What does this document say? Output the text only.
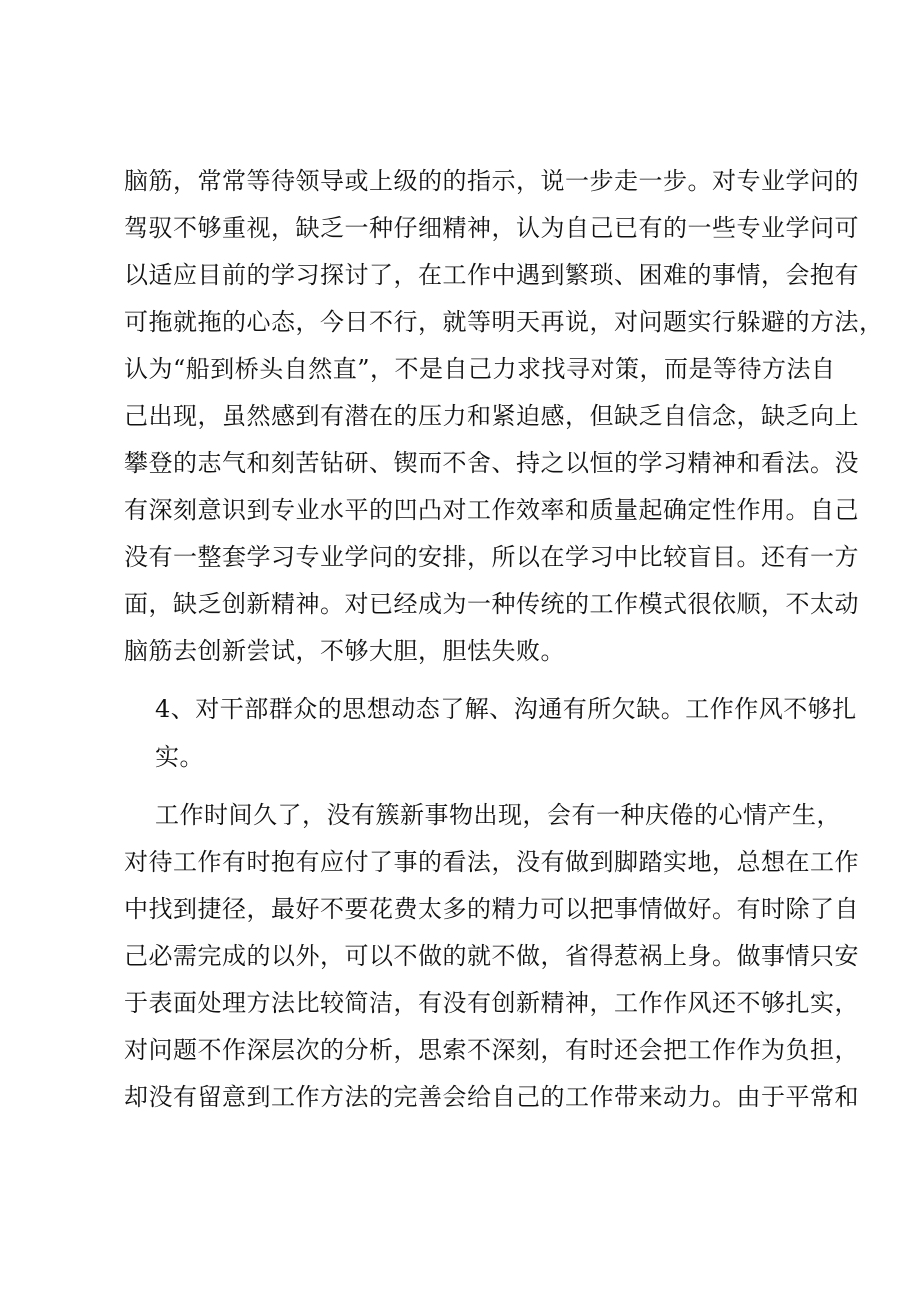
脑筋，常常等待领导或上级的的指示，说一步走一步。对专业学问的
驾驭不够重视，缺乏一种仔细精神，认为自己已有的一些专业学问可
以适应目前的学习探讨了，在工作中遇到繁琐、困难的事情，会抱有
可拖就拖的心态，今日不行，就等明天再说，对问题实行躲避的方法，
认为“船到桥头自然直”，不是自己力求找寻对策，而是等待方法自
己出现，虽然感到有潜在的压力和紧迫感，但缺乏自信念，缺乏向上
攀登的志气和刻苦钻研、锲而不舍、持之以恒的学习精神和看法。没
有深刻意识到专业水平的凹凸对工作效率和质量起确定性作用。自己
没有一整套学习专业学问的安排，所以在学习中比较盲目。还有一方
面，缺乏创新精神。对已经成为一种传统的工作模式很依顺，不太动
脑筋去创新尝试，不够大胆，胆怯失败。
4、对干部群众的思想动态了解、沟通有所欠缺。工作作风不够扎
实。
工作时间久了，没有簇新事物出现，会有一种庆倦的心情产生，
对待工作有时抱有应付了事的看法，没有做到脚踏实地，总想在工作
中找到捷径，最好不要花费太多的精力可以把事情做好。有时除了自
己必需完成的以外，可以不做的就不做，省得惹祸上身。做事情只安
于表面处理方法比较简洁，有没有创新精神，工作作风还不够扎实，
对问题不作深层次的分析，思索不深刻，有时还会把工作作为负担，
却没有留意到工作方法的完善会给自己的工作带来动力。由于平常和
